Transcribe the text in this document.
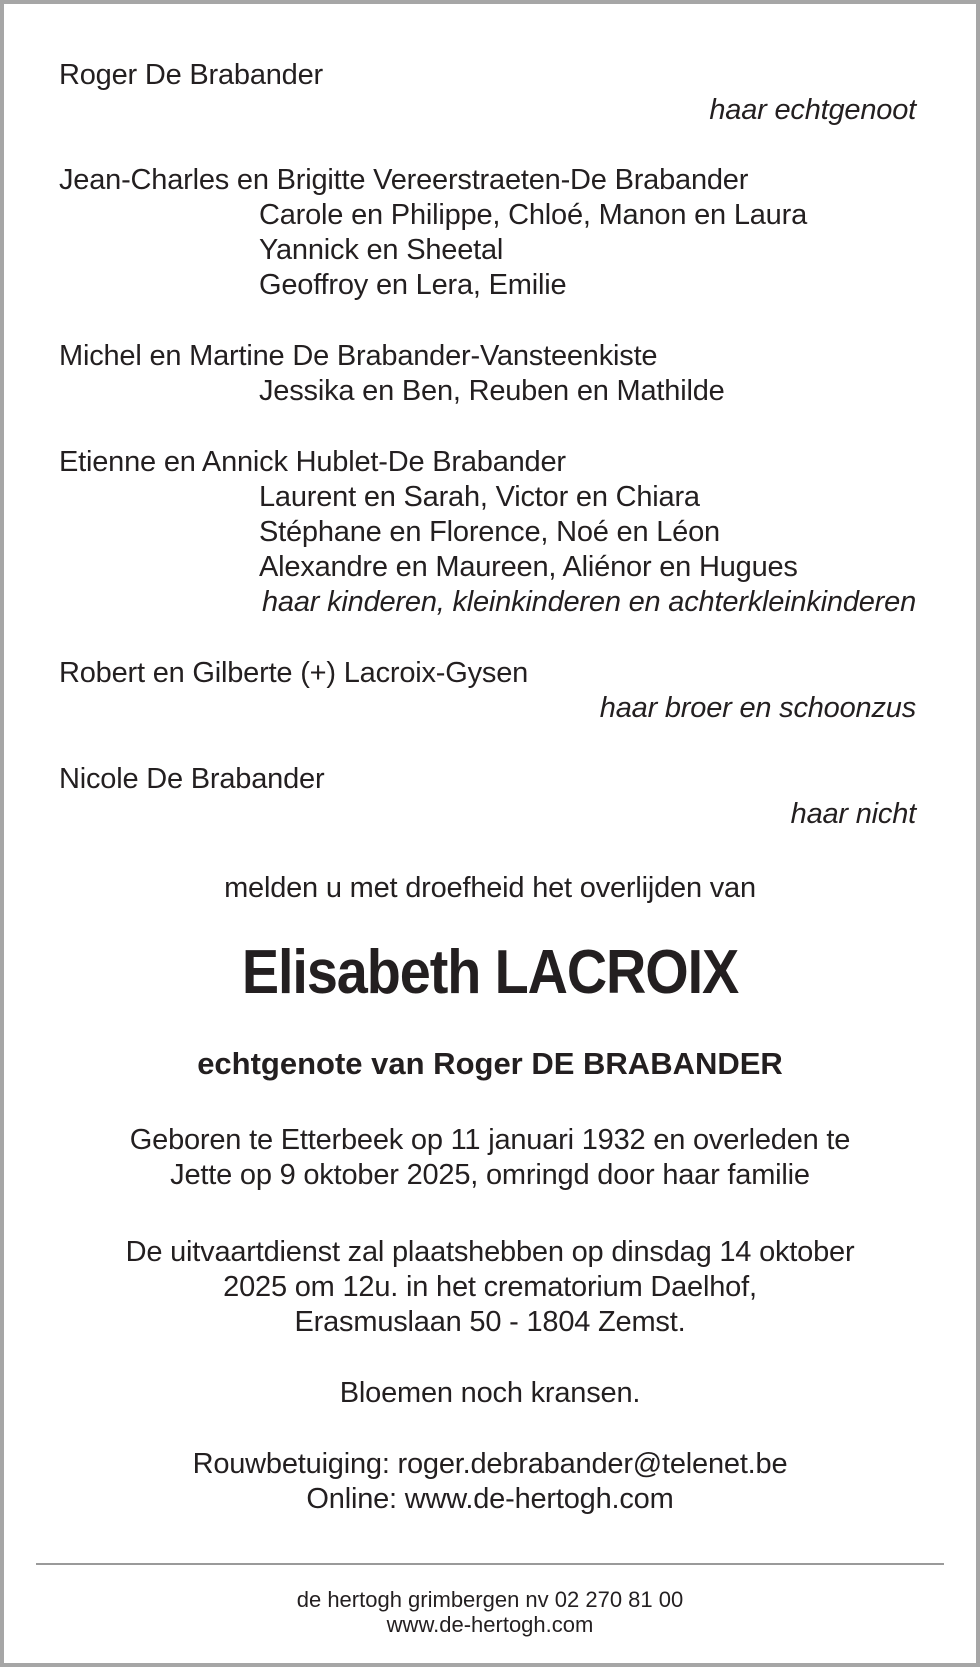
Roger De Brabander
haar echtgenoot
Jean-Charles en Brigitte Vereerstraeten-De Brabander
Carole en Philippe, Chloé, Manon en Laura
Yannick en Sheetal
Geoffroy en Lera, Emilie
Michel en Martine De Brabander-Vansteenkiste
Jessika en Ben, Reuben en Mathilde
Etienne en Annick Hublet-De Brabander
Laurent en Sarah, Victor en Chiara
Stéphane en Florence, Noé en Léon
Alexandre en Maureen, Aliénor en Hugues
haar kinderen, kleinkinderen en achterkleinkinderen
Robert en Gilberte (+) Lacroix-Gysen
haar broer en schoonzus
Nicole De Brabander
haar nicht
melden u met droefheid het overlijden van
Elisabeth LACROIX
echtgenote van Roger DE BRABANDER
Geboren te Etterbeek op 11 januari 1932 en overleden te
Jette op 9 oktober 2025, omringd door haar familie
De uitvaartdienst zal plaatshebben op dinsdag 14 oktober
2025 om 12u. in het crematorium Daelhof,
Erasmuslaan 50 - 1804 Zemst.
Bloemen noch kransen.
Rouwbetuiging: roger.debrabander@telenet.be
Online: www.de-hertogh.com
de hertogh grimbergen nv 02 270 81 00
www.de-hertogh.com
